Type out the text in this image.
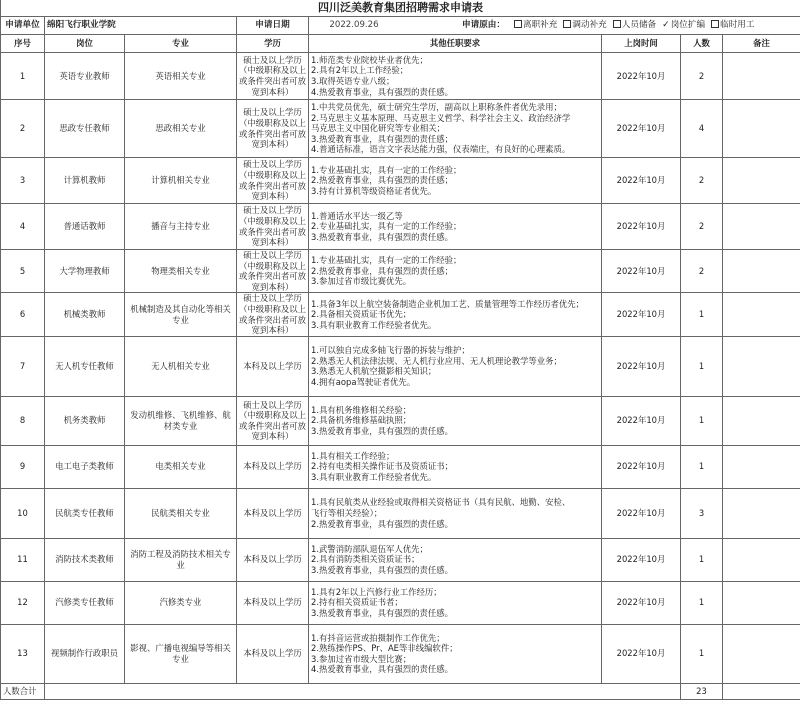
四川泛美教育集团招聘需求申请表							
申请单位	绵阳飞行职业学院		申请日期	2022.09.26 申请原由： 离职补充 调动补充 人员储备 ✓岗位扩编 临时用工			
序号	岗位	专业	学历	其他任职要求	上岗时间	人数	备注
1	英语专业教师	英语相关专业	硕士及以上学历（中级职称及以上或条件突出者可放宽到本科）	1.师范类专业院校毕业者优先；
2.具有2年以上工作经验；
3.取得英语专业八级；
4.热爱教育事业，具有强烈的责任感。	2022年10月	2	
2	思政专任教师	思政相关专业	硕士及以上学历（中级职称及以上或条件突出者可放宽到本科）	1.中共党员优先，硕士研究生学历，副高以上职称条件者优先录用；
2.马克思主义基本原理、马克思主义哲学、科学社会主义、政治经济学
马克思主义中国化研究等专业相关；
3.热爱教育事业，具有强烈的责任感；
4.普通话标准，语言文字表达能力强，仪表端庄，有良好的心理素质。	2022年10月	4	
3	计算机教师	计算机相关专业	硕士及以上学历（中级职称及以上或条件突出者可放宽到本科）	1.专业基础扎实，具有一定的工作经验；
2.热爱教育事业，具有强烈的责任感；
3.持有计算机等级资格证者优先。	2022年10月	2	
4	普通话教师	播音与主持专业	硕士及以上学历（中级职称及以上或条件突出者可放宽到本科）	1.普通话水平达一级乙等
2.专业基础扎实，具有一定的工作经验；
3.热爱教育事业，具有强烈的责任感。	2022年10月	2	
5	大学物理教师	物理类相关专业	硕士及以上学历（中级职称及以上或条件突出者可放宽到本科）	1.专业基础扎实，具有一定的工作经验；
2.热爱教育事业，具有强烈的责任感；
3.参加过省市级比赛优先。	2022年10月	2	
6	机械类教师	机械制造及其自动化等相关专业	硕士及以上学历（中级职称及以上或条件突出者可放宽到本科）	1.具备3年以上航空装备制造企业机加工艺、质量管理等工作经历者优先；
2.具备相关资质证书优先；
3.具有职业教育工作经验者优先。	2022年10月	1	
7	无人机专任教师	无人机相关专业	本科及以上学历	1.可以独自完成多轴飞行器的拆装与维护；
2.熟悉无人机法律法规、无人机行业应用、无人机理论教学等业务；
3.熟悉无人机航空摄影相关知识；
4.拥有aopa驾驶证者优先。	2022年10月	1	
8	机务类教师	发动机维修、飞机维修、航材类专业	硕士及以上学历（中级职称及以上或条件突出者可放宽到本科）	1.具有机务维修相关经验；
2.具备机务维修基础执照；
3.热爱教育事业，具有强烈的责任感。	2022年10月	1	
9	电工电子类教师	电类相关专业	本科及以上学历	1.具有相关工作经验；
2.持有电类相关操作证书及资质证书；
3.具有职业教育工作经验者优先。	2022年10月	1	
10	民航类专任教师	民航类相关专业	本科及以上学历	1.具有民航类从业经验或取得相关资格证书（具有民航、地勤、安检、
飞行等相关经验）；
2.热爱教育事业，具有强烈的责任感。	2022年10月	3	
11	消防技术类教师	消防工程及消防技术相关专业	本科及以上学历	1.武警消防部队退伍军人优先；
2.具有消防类相关资质证书；
3.热爱教育事业，具有强烈的责任感。	2022年10月	1	
12	汽修类专任教师	汽修类专业	本科及以上学历	1.具有2年以上汽修行业工作经历；
2.持有相关资质证书者；
3.热爱教育事业，具有强烈的责任感。	2022年10月	1	
13	视频制作行政职员	影视、广播电视编导等相关专业	本科及以上学历	1.有抖音运营或拍摄制作工作优先；
2.熟练操作PS、Pr、AE等非线编软件；
3.参加过省市级大型比赛；
4.热爱教育事业，具有强烈的责任感。	2022年10月	1	
人数合计						23	
